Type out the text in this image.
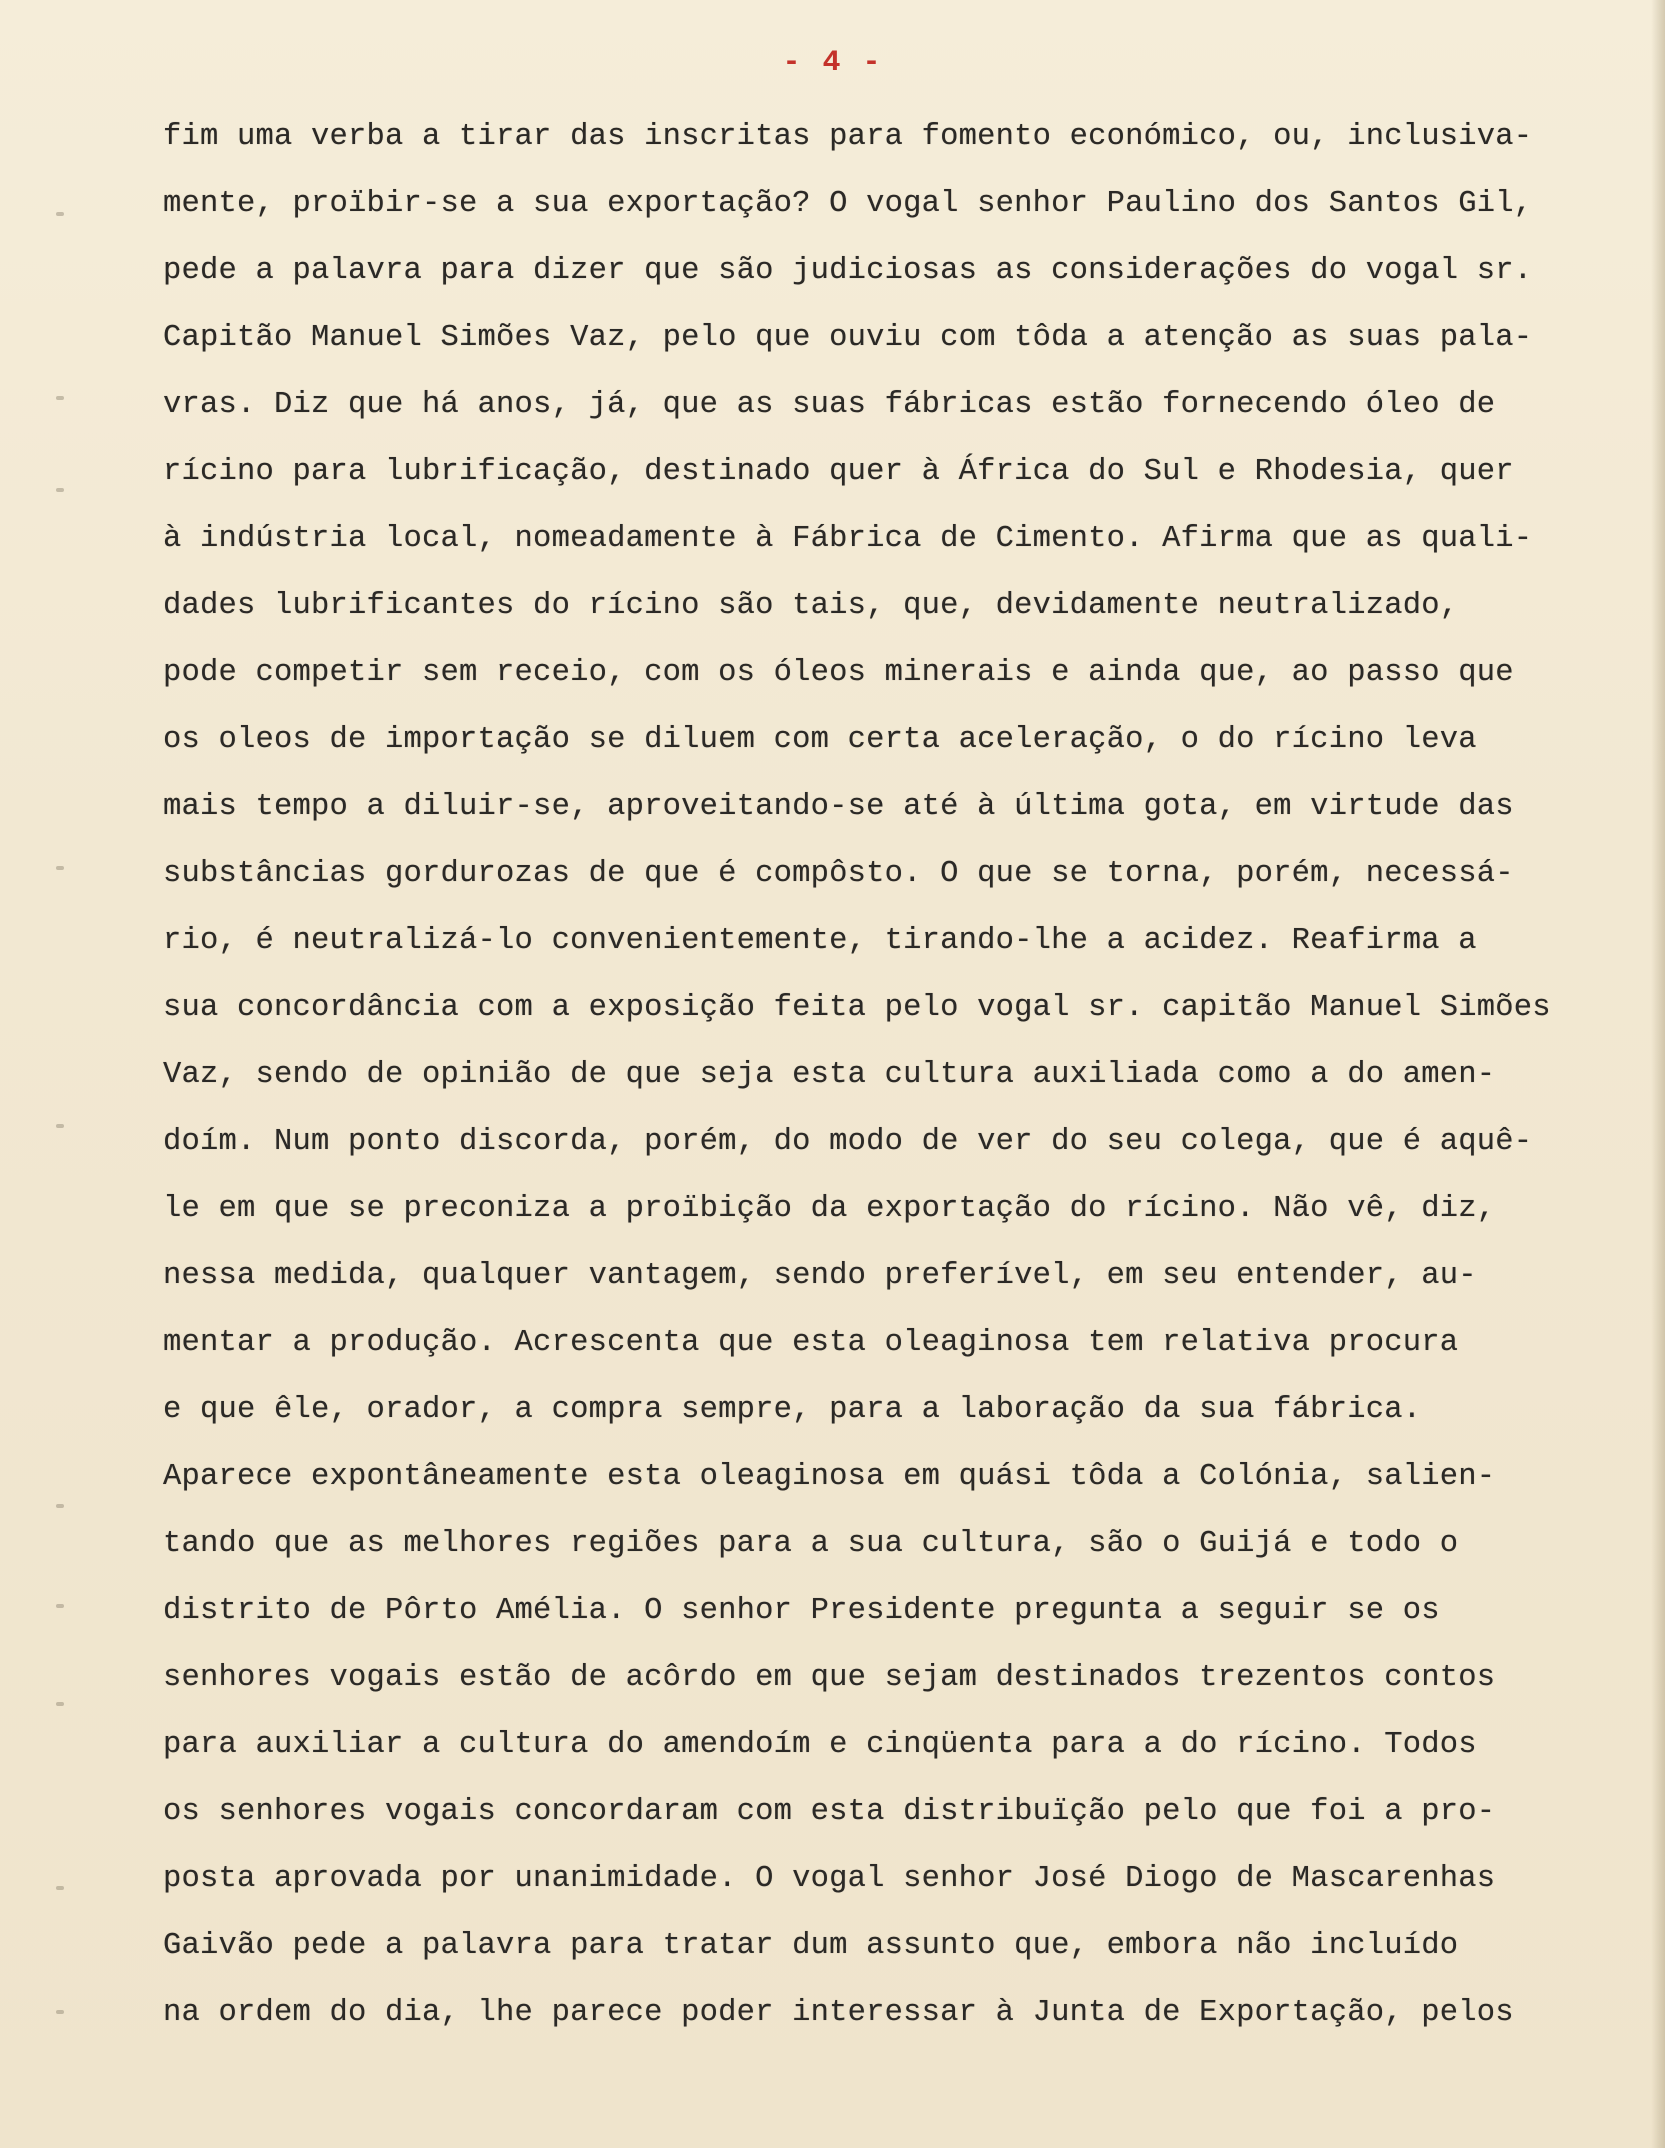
- 4 -
fim uma verba a tirar das inscritas para fomento económico, ou, inclusiva-
mente, proïbir-se a sua exportação? O vogal senhor Paulino dos Santos Gil,
pede a palavra para dizer que são judiciosas as considerações do vogal sr.
Capitão Manuel Simões Vaz, pelo que ouviu com tôda a atenção as suas pala-
vras. Diz que há anos, já, que as suas fábricas estão fornecendo óleo de
rícino para lubrificação, destinado quer à África do Sul e Rhodesia, quer
à indústria local, nomeadamente à Fábrica de Cimento. Afirma que as quali-
dades lubrificantes do rícino são tais, que, devidamente neutralizado,
pode competir sem receio, com os óleos minerais e ainda que, ao passo que
os oleos de importação se diluem com certa aceleração, o do rícino leva
mais tempo a diluir-se, aproveitando-se até à última gota, em virtude das
substâncias gordurozas de que é compôsto. O que se torna, porém, necessá-
rio, é neutralizá-lo convenientemente, tirando-lhe a acidez. Reafirma a
sua concordância com a exposição feita pelo vogal sr. capitão Manuel Simões
Vaz, sendo de opinião de que seja esta cultura auxiliada como a do amen-
doím. Num ponto discorda, porém, do modo de ver do seu colega, que é aquê-
le em que se preconiza a proïbição da exportação do rícino. Não vê, diz,
nessa medida, qualquer vantagem, sendo preferível, em seu entender, au-
mentar a produção. Acrescenta que esta oleaginosa tem relativa procura
e que êle, orador, a compra sempre, para a laboração da sua fábrica.
Aparece expontâneamente esta oleaginosa em quási tôda a Colónia, salien-
tando que as melhores regiões para a sua cultura, são o Guijá e todo o
distrito de Pôrto Amélia. O senhor Presidente pregunta a seguir se os
senhores vogais estão de acôrdo em que sejam destinados trezentos contos
para auxiliar a cultura do amendoím e cinqüenta para a do rícino. Todos
os senhores vogais concordaram com esta distribuïção pelo que foi a pro-
posta aprovada por unanimidade. O vogal senhor José Diogo de Mascarenhas
Gaivão pede a palavra para tratar dum assunto que, embora não incluído
na ordem do dia, lhe parece poder interessar à Junta de Exportação, pelos
